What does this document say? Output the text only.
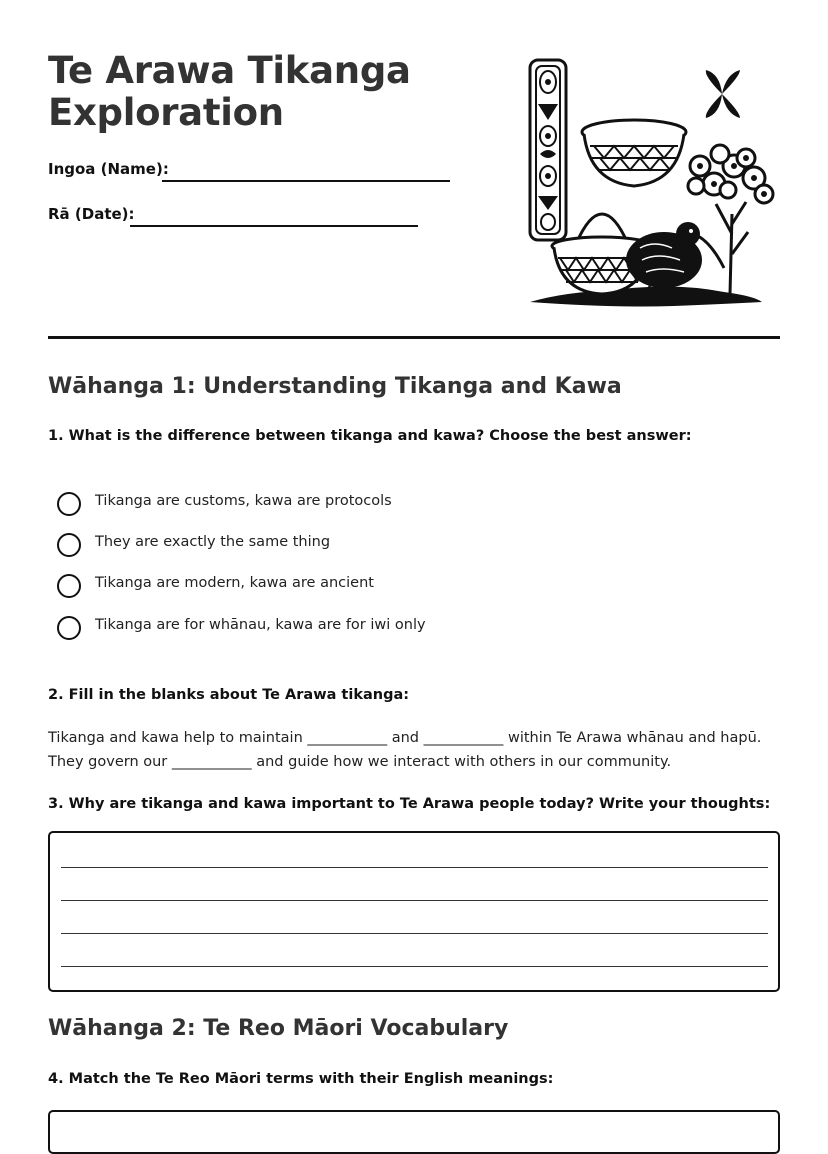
Te Arawa Tikanga
Exploration
Ingoa (Name):
Rā (Date):
Wāhanga 1: Understanding Tikanga and Kawa
1. What is the difference between tikanga and kawa? Choose the best answer:
Tikanga are customs, kawa are protocols
They are exactly the same thing
Tikanga are modern, kawa are ancient
Tikanga are for whānau, kawa are for iwi only
2. Fill in the blanks about Te Arawa tikanga:

Tikanga and kawa help to maintain ___________ and ___________ within Te Arawa whānau and hapū. They govern our ___________ and guide how we interact with others in our community.

3. Why are tikanga and kawa important to Te Arawa people today? Write your thoughts:
Wāhanga 2: Te Reo Māori Vocabulary
4. Match the Te Reo Māori terms with their English meanings:
